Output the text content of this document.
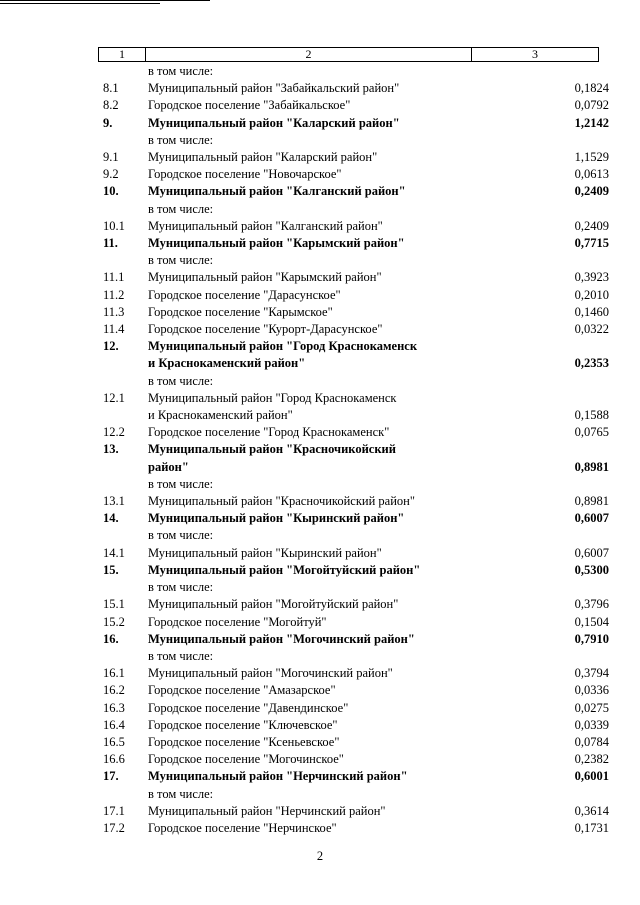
1	2	3
в том числе:
8.1	Муниципальный район "Забайкальский район"	0,1824
8.2	Городское поселение "Забайкальское"	0,0792
9.	Муниципальный район "Каларский район"	1,2142
в том числе:
9.1	Муниципальный район "Каларский район"	1,1529
9.2	Городское поселение "Новочарское"	0,0613
10.	Муниципальный район "Калганский район"	0,2409
в том числе:
10.1	Муниципальный район "Калганский район"	0,2409
11.	Муниципальный район "Карымский район"	0,7715
в том числе:
11.1	Муниципальный район "Карымский район"	0,3923
11.2	Городское поселение "Дарасунское"	0,2010
11.3	Городское поселение "Карымское"	0,1460
11.4	Городское поселение "Курорт-Дарасунское"	0,0322
12.	Муниципальный район "Город Краснокаменск
и Краснокаменский район"	0,2353
в том числе:
12.1	Муниципальный район "Город Краснокаменск
и Краснокаменский район"	0,1588
12.2	Городское поселение "Город Краснокаменск"	0,0765
13.	Муниципальный район "Красночикойский
район"	0,8981
в том числе:
13.1	Муниципальный район "Красночикойский район"	0,8981
14.	Муниципальный район "Кыринский район"	0,6007
в том числе:
14.1	Муниципальный район "Кыринский район"	0,6007
15.	Муниципальный район "Могойтуйский район"	0,5300
в том числе:
15.1	Муниципальный район "Могойтуйский район"	0,3796
15.2	Городское поселение "Могойтуй"	0,1504
16.	Муниципальный район "Могочинский район"	0,7910
в том числе:
16.1	Муниципальный район "Могочинский район"	0,3794
16.2	Городское поселение "Амазарское"	0,0336
16.3	Городское поселение "Давендинское"	0,0275
16.4	Городское поселение "Ключевское"	0,0339
16.5	Городское поселение "Ксеньевское"	0,0784
16.6	Городское поселение "Могочинское"	0,2382
17.	Муниципальный район "Нерчинский район"	0,6001
в том числе:
17.1	Муниципальный район "Нерчинский район"	0,3614
17.2	Городское поселение "Нерчинское"	0,1731
2
